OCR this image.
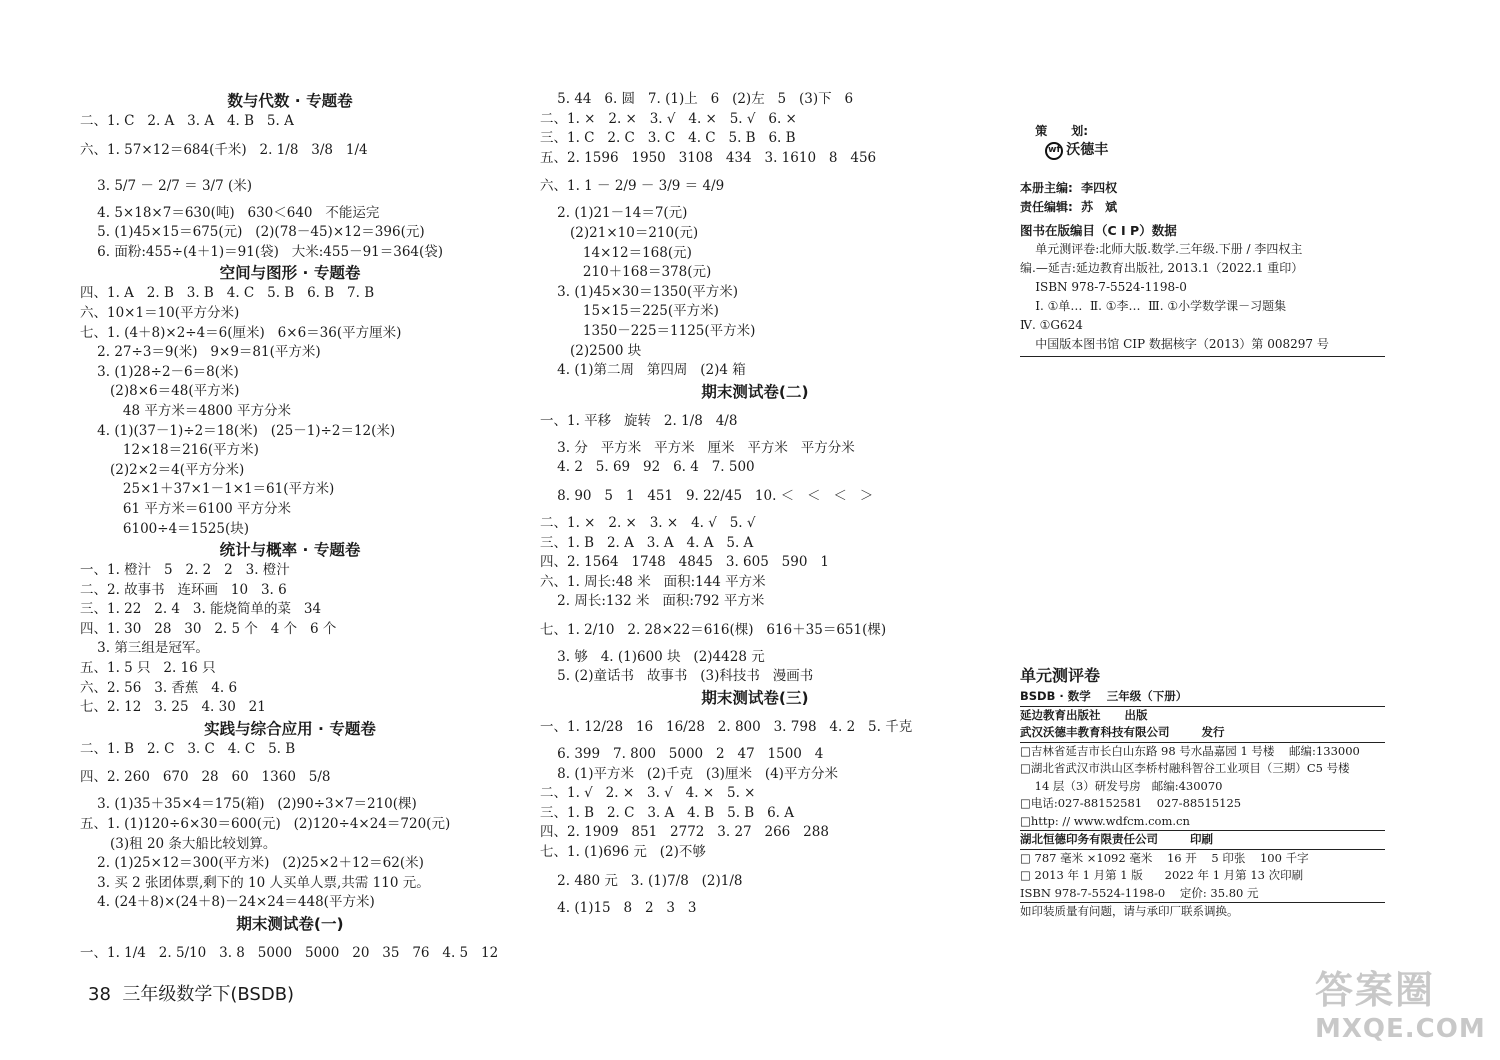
数与代数 · 专题卷
二、1. C   2. A   3. A   4. B   5. A
六、1. 57×12＝684(千米)   2. 1/8   3/8   1/4
3. 5/7 － 2/7 ＝ 3/7 (米)
4. 5×18×7＝630(吨)   630＜640   不能运完
5. (1)45×15＝675(元)   (2)(78－45)×12＝396(元)
6. 面粉:455÷(4＋1)＝91(袋)   大米:455－91＝364(袋)
空间与图形 · 专题卷
四、1. A   2. B   3. B   4. C   5. B   6. B   7. B
六、10×1＝10(平方分米)
七、1. (4＋8)×2÷4＝6(厘米)   6×6＝36(平方厘米)
2. 27÷3＝9(米)   9×9＝81(平方米)
3. (1)28÷2－6＝8(米)
(2)8×6＝48(平方米)
48 平方米＝4800 平方分米
4. (1)(37－1)÷2＝18(米)   (25－1)÷2＝12(米)
12×18＝216(平方米)
(2)2×2＝4(平方分米)
25×1＋37×1－1×1＝61(平方米)
61 平方米＝6100 平方分米
6100÷4＝1525(块)
统计与概率 · 专题卷
一、1. 橙汁   5   2. 2   2   3. 橙汁
二、2. 故事书   连环画   10   3. 6
三、1. 22   2. 4   3. 能烧简单的菜   34
四、1. 30   28   30   2. 5 个   4 个   6 个
3. 第三组是冠军。
五、1. 5 只   2. 16 只
六、2. 56   3. 香蕉   4. 6
七、2. 12   3. 25   4. 30   21
实践与综合应用 · 专题卷
二、1. B   2. C   3. C   4. C   5. B
四、2. 260   670   28   60   1360   5/8
3. (1)35＋35×4＝175(箱)   (2)90÷3×7＝210(棵)
五、1. (1)120÷6×30＝600(元)   (2)120÷4×24＝720(元)
(3)租 20 条大船比较划算。
2. (1)25×12＝300(平方米)   (2)25×2＋12＝62(米)
3. 买 2 张团体票,剩下的 10 人买单人票,共需 110 元。
4. (24＋8)×(24＋8)－24×24＝448(平方米)
期末测试卷(一)
一、1. 1/4   2. 5/10   3. 8   5000   5000   20   35   76   4. 5   12
5. 44   6. 圆   7. (1)上   6   (2)左   5   (3)下   6
二、1. ×   2. ×   3. √   4. ×   5. √   6. ×
三、1. C   2. C   3. C   4. C   5. B   6. B
五、2. 1596   1950   3108   434   3. 1610   8   456
六、1. 1 － 2/9 － 3/9 ＝ 4/9
2. (1)21－14＝7(元)
(2)21×10＝210(元)
14×12＝168(元)
210＋168＝378(元)
3. (1)45×30＝1350(平方米)
15×15＝225(平方米)
1350－225＝1125(平方米)
(2)2500 块
4. (1)第二周   第四周   (2)4 箱
期末测试卷(二)
一、1. 平移   旋转   2. 1/8   4/8
3. 分   平方米   平方米   厘米   平方米   平方分米
4. 2   5. 69   92   6. 4   7. 500
8. 90   5   1   451   9. 22/45   10. ＜   ＜   ＜   ＞
二、1. ×   2. ×   3. ×   4. √   5. √
三、1. B   2. A   3. A   4. A   5. A
四、2. 1564   1748   4845   3. 605   590   1
六、1. 周长:48 米   面积:144 平方米
2. 周长:132 米   面积:792 平方米
七、1. 2/10   2. 28×22＝616(棵)   616＋35＝651(棵)
3. 够   4. (1)600 块   (2)4428 元
5. (2)童话书   故事书   (3)科技书   漫画书
期末测试卷(三)
一、1. 12/28   16   16/28   2. 800   3. 798   4. 2   5. 千克
6. 399   7. 800   5000   2   47   1500   4
8. (1)平方米   (2)千克   (3)厘米   (4)平方分米
二、1. √   2. ×   3. √   4. ×   5. ×
三、1. B   2. C   3. A   4. B   5. B   6. A
四、2. 1909   851   2772   3. 27   266   288
七、1. (1)696 元   (2)不够
2. 480 元   3. (1)7/8   (2)1/8
4. (1)15   8   2   3   3

策　　划:

wf 沃德丰

本册主编:  李四权
责任编辑:  苏　斌
图书在版编目（C I P）数据
单元测评卷:北师大版.数学.三年级.下册 / 李四权主
编.—延吉:延边教育出版社, 2013.1（2022.1 重印）
ISBN 978-7-5524-1198-0
Ⅰ. ①单…  Ⅱ. ①李…  Ⅲ. ①小学数学课－习题集
Ⅳ. ①G624
中国版本图书馆 CIP 数据核字（2013）第 008297 号
单元测评卷
BSDB · 数学    三年级（下册）
延边教育出版社      出版
武汉沃德丰教育科技有限公司        发行
□吉林省延吉市长白山东路 98 号水晶嘉园 1 号楼    邮编:133000
□湖北省武汉市洪山区李桥村融科智谷工业项目（三期）C5 号楼
14 层（3）研发号房   邮编:430070
□电话:027-88152581    027-88515125
□http: // www.wdfcm.com.cn
湖北恒德印务有限责任公司        印刷
□ 787 毫米 ×1092 毫米    16 开    5 印张    100 千字
□ 2013 年 1 月第 1 版      2022 年 1 月第 13 次印刷
ISBN 978-7-5524-1198-0    定价: 35.80 元
如印装质量有问题，请与承印厂联系调换。
38 三年级数学下(BSDB)	答案圈
MXQE.COM
